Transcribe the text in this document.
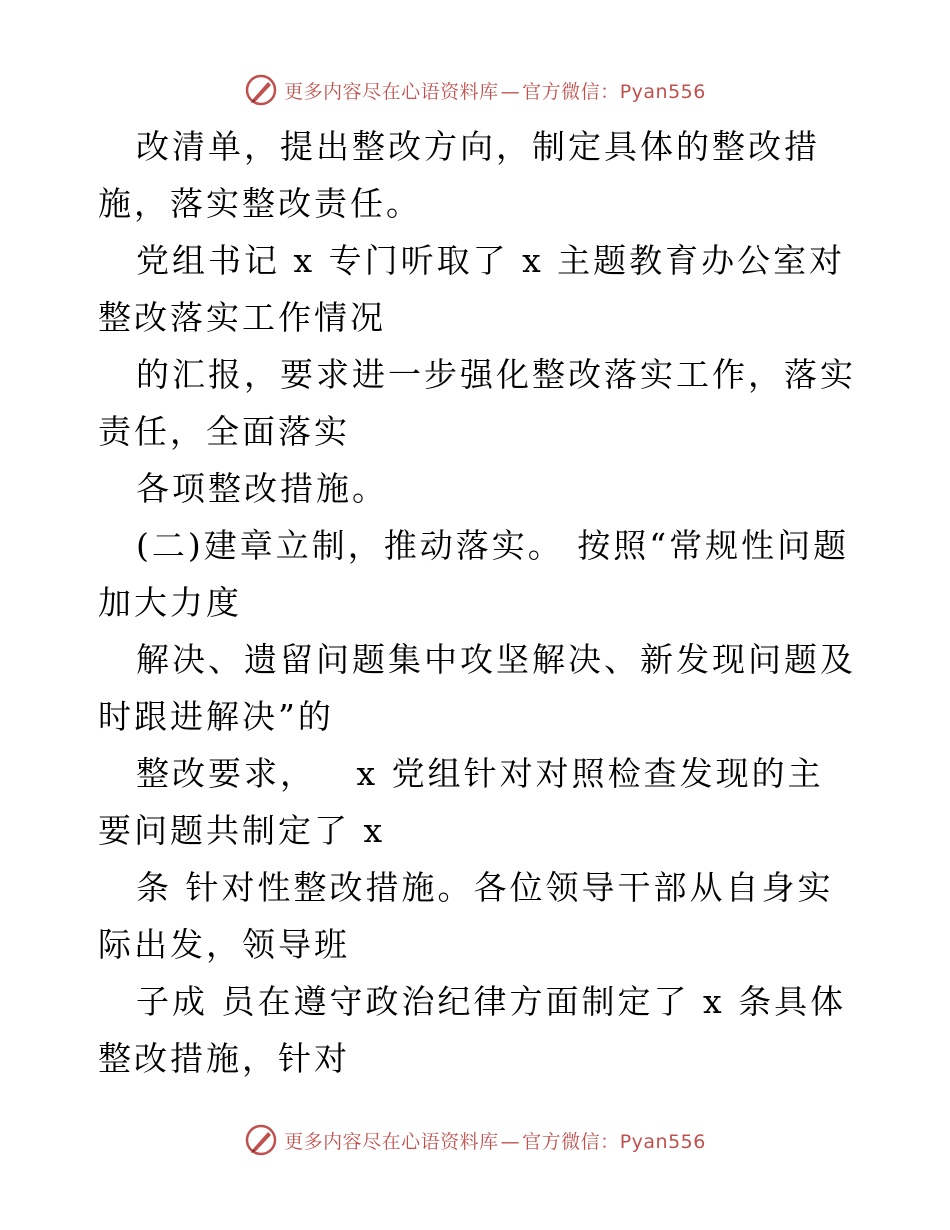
更多内容尽在心语资料库 — 官方微信：Pyan556

改清单，提出整改方向，制定具体的整改措施，落实整改责任。

党组书记 x 专门听取了 x 主题教育办公室对整改落实工作情况

的汇报，要求进一步强化整改落实工作，落实责任，全面落实

各项整改措施。

(二)建章立制，推动落实。 按照“常规性问题加大力度

解决、遗留问题集中攻坚解决、新发现问题及时跟进解决”的

整改要求，   x 党组针对对照检查发现的主要问题共制定了 x

条 针对性整改措施。各位领导干部从自身实际出发，领导班

子成 员在遵守政治纪律方面制定了 x 条具体整改措施，针对

更多内容尽在心语资料库 — 官方微信：Pyan556
